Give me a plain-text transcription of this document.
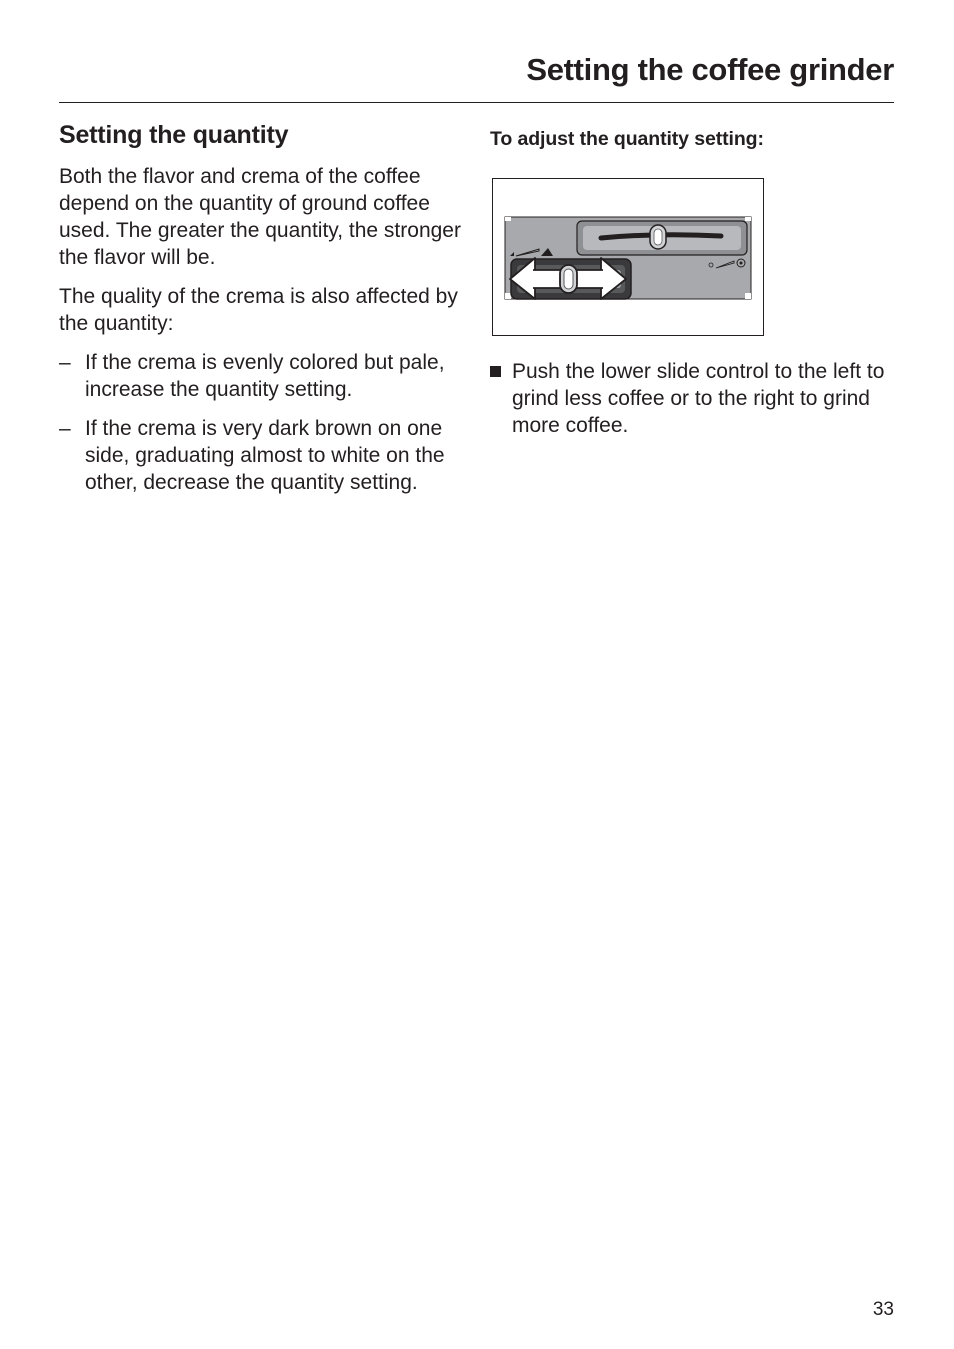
Setting the coffee grinder
Setting the quantity

Both the flavor and crema of the coffee depend on the quantity of ground coffee used. The greater the quantity, the stronger the flavor will be.

The quality of the crema is also affected by the quantity:

– If the crema is evenly colored but pale, increase the quantity setting.
– If the crema is very dark brown on one side, graduating almost to white on the other, decrease the quantity setting.
To adjust the quantity setting:
Push the lower slide control to the left to grind less coffee or to the right to grind more coffee.
33
